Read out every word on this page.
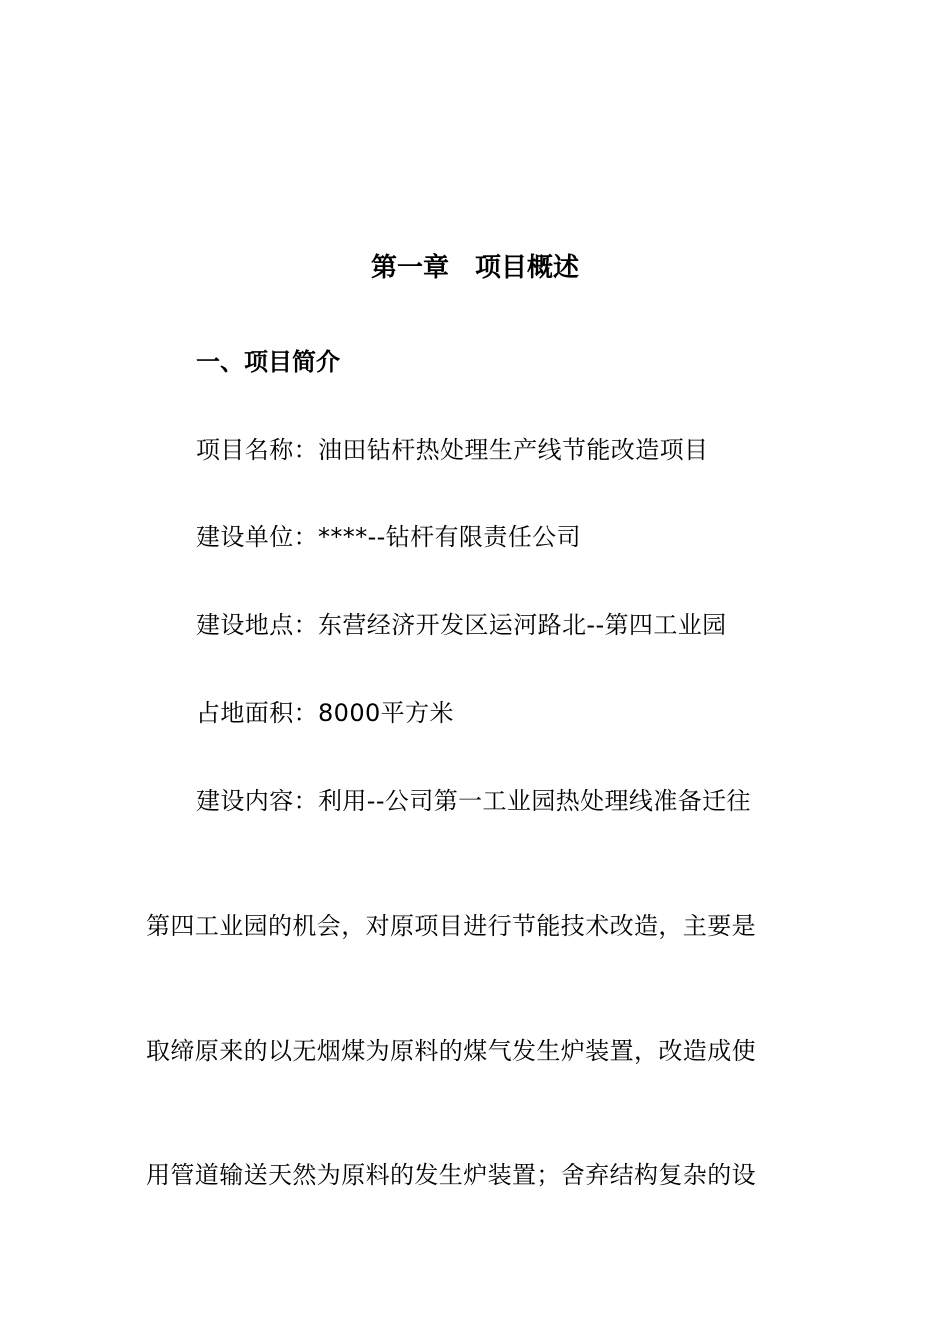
第一章　项目概述
一、项目简介
项目名称：油田钻杆热处理生产线节能改造项目
建设单位：****--钻杆有限责任公司
建设地点：东营经济开发区运河路北--第四工业园
占地面积：8000平方米
建设内容：利用--公司第一工业园热处理线准备迁往
第四工业园的机会，对原项目进行节能技术改造，主要是
取缔原来的以无烟煤为原料的煤气发生炉装置，改造成使
用管道输送天然为原料的发生炉装置；舍弃结构复杂的设
